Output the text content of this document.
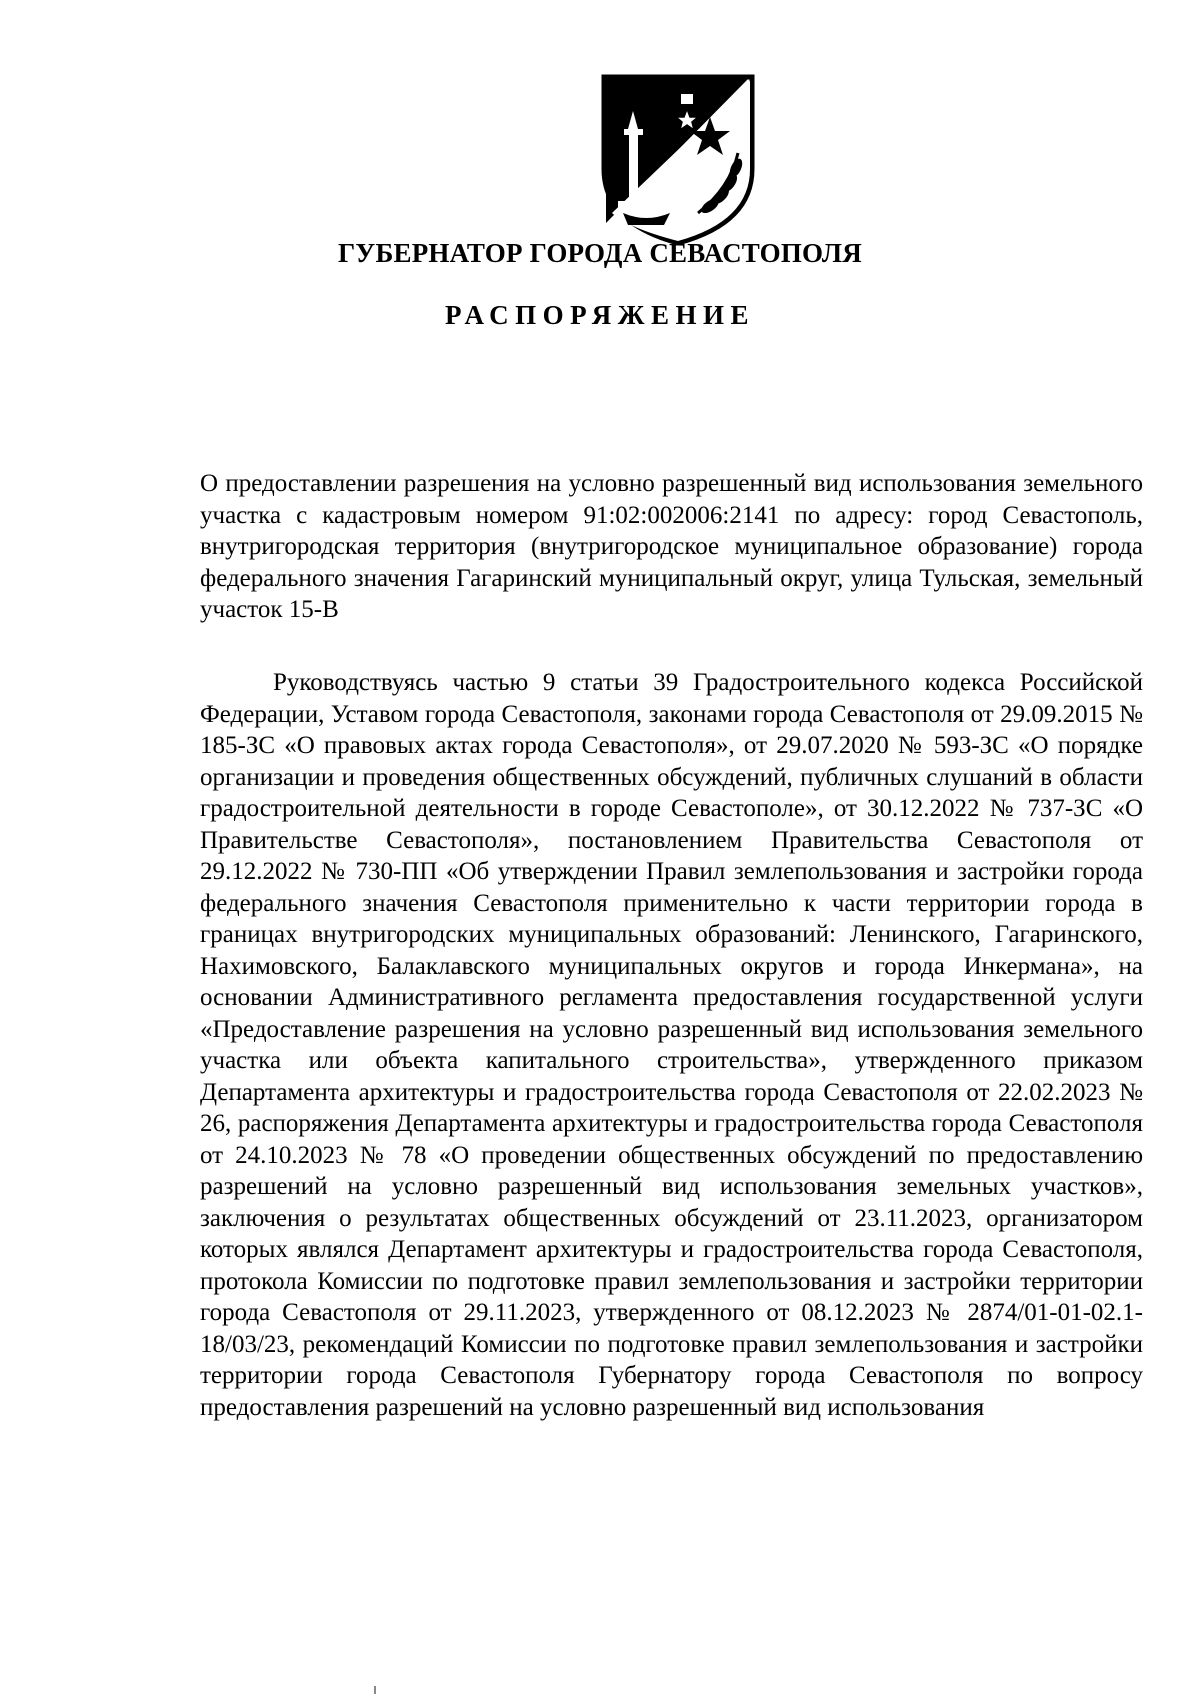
ГУБЕРНАТОР ГОРОДА СЕВАСТОПОЛЯ
РАСПОРЯЖЕНИЕ
О предоставлении разрешения на условно разрешенный вид использования земельного участка с кадастровым номером 91:02:002006:2141 по адресу: город Севастополь, внутригородская территория (внутригородское муниципальное образование) города федерального значения Гагаринский муниципальный округ, улица Тульская, земельный участок 15-В
Руководствуясь частью 9 статьи 39 Градостроительного кодекса Российской Федерации, Уставом города Севастополя, законами города Севастополя от 29.09.2015 № 185-ЗС «О правовых актах города Севастополя», от 29.07.2020 № 593-ЗС «О порядке организации и проведения общественных обсуждений, публичных слушаний в области градостроительной деятельности в городе Севастополе», от 30.12.2022 № 737-ЗС «О Правительстве Севастополя», постановлением Правительства Севастополя от 29.12.2022 № 730-ПП «Об утверждении Правил землепользования и застройки города федерального значения Севастополя применительно к части территории города в границах внутригородских муниципальных образований: Ленинского, Гагаринского, Нахимовского, Балаклавского муниципальных округов и города Инкермана», на основании Административного регламента предоставления государственной услуги «Предоставление разрешения на условно разрешенный вид использования земельного участка или объекта капитального строительства», утвержденного приказом Департамента архитектуры и градостроительства города Севастополя от 22.02.2023 № 26, распоряжения Департамента архитектуры и градостроительства города Севастополя от 24.10.2023 № 78 «О проведении общественных обсуждений по предоставлению разрешений на условно разрешенный вид использования земельных участков», заключения о результатах общественных обсуждений от 23.11.2023, организатором которых являлся Департамент архитектуры и градостроительства города Севастополя, протокола Комиссии по подготовке правил землепользования и застройки территории города Севастополя от 29.11.2023, утвержденного от 08.12.2023 № 2874/01-01-02.1-18/03/23, рекомендаций Комиссии по подготовке правил землепользования и застройки территории города Севастополя Губернатору города Севастополя по вопросу предоставления разрешений на условно разрешенный вид использования
